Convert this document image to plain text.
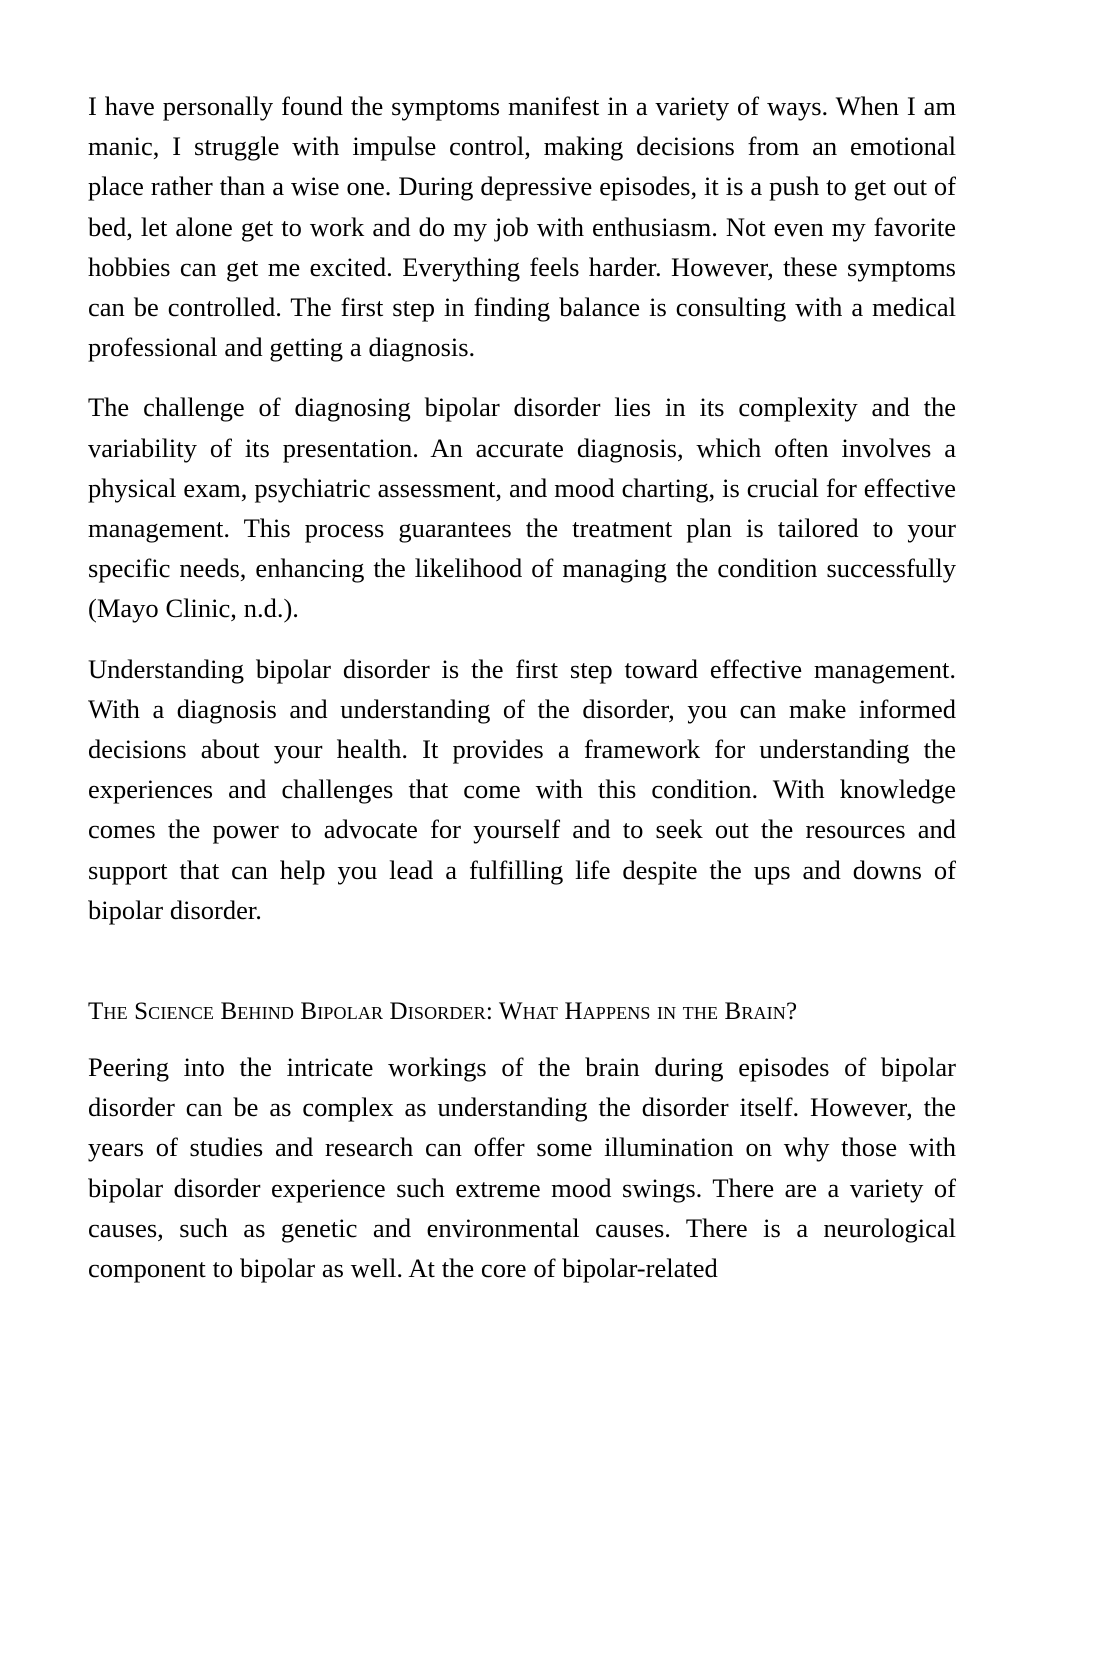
I have personally found the symptoms manifest in a variety of ways. When I am manic, I struggle with impulse control, making decisions from an emotional place rather than a wise one. During depressive episodes, it is a push to get out of bed, let alone get to work and do my job with enthusiasm. Not even my favorite hobbies can get me excited. Everything feels harder. However, these symptoms can be controlled. The first step in finding balance is consulting with a medical professional and getting a diagnosis.

The challenge of diagnosing bipolar disorder lies in its complexity and the variability of its presentation. An accurate diagnosis, which often involves a physical exam, psychiatric assessment, and mood charting, is crucial for effective management. This process guarantees the treatment plan is tailored to your specific needs, enhancing the likelihood of managing the condition successfully (Mayo Clinic, n.d.).

Understanding bipolar disorder is the first step toward effective management. With a diagnosis and understanding of the disorder, you can make informed decisions about your health. It provides a framework for understanding the experiences and challenges that come with this condition. With knowledge comes the power to advocate for yourself and to seek out the resources and support that can help you lead a fulfilling life despite the ups and downs of bipolar disorder.

The Science Behind Bipolar Disorder: What Happens in the Brain?

Peering into the intricate workings of the brain during episodes of bipolar disorder can be as complex as understanding the disorder itself. However, the years of studies and research can offer some illumination on why those with bipolar disorder experience such extreme mood swings. There are a variety of causes, such as genetic and environmental causes. There is a neurological component to bipolar as well. At the core of bipolar-related
